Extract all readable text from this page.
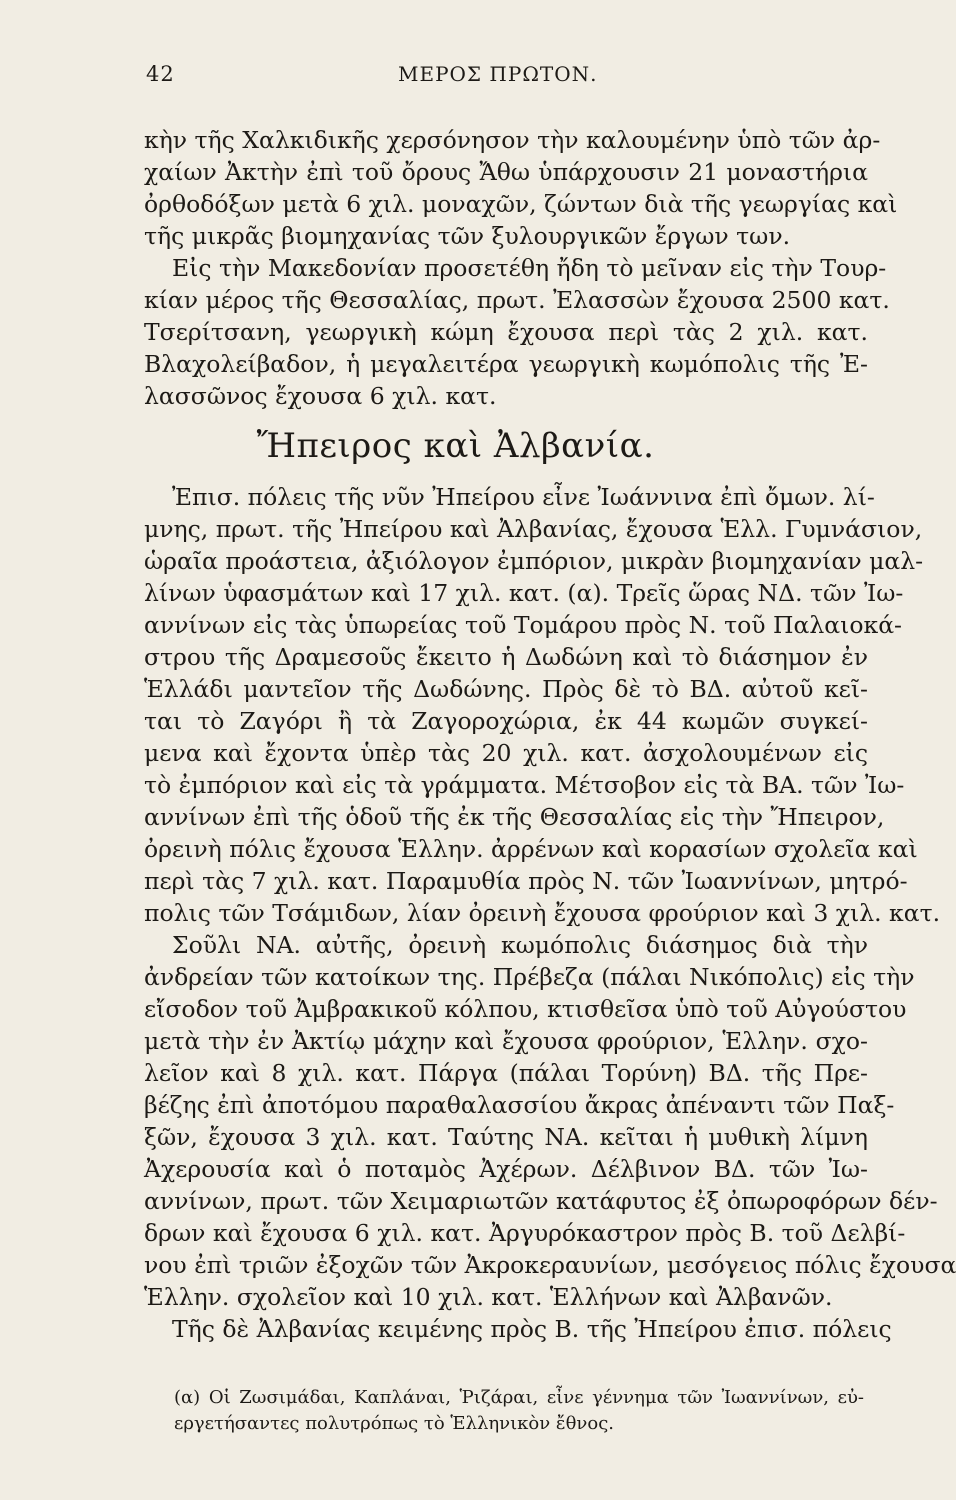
42	ΜΕΡΟΣ ΠΡΩΤΟΝ.
κὴν τῆς Χαλκιδικῆς χερσόνησον τὴν καλουμένην ὑπὸ τῶν ἀρ-
χαίων Ἀκτὴν ἐπὶ τοῦ ὄρους Ἄθω ὑπάρχουσιν 21 μοναστήρια
ὀρθοδόξων μετὰ 6 χιλ. μοναχῶν, ζώντων διὰ τῆς γεωργίας καὶ
τῆς μικρᾶς βιομηχανίας τῶν ξυλουργικῶν ἔργων των.
Εἰς τὴν Μακεδονίαν προσετέθη ἤδη τὸ μεῖναν εἰς τὴν Τουρ-
κίαν μέρος τῆς Θεσσαλίας, πρωτ. Ἐλασσὼν ἔχουσα 2500 κατ.
Τσερίτσανη, γεωργικὴ κώμη ἔχουσα περὶ τὰς 2 χιλ. κατ.
Βλαχολείβαδον, ἡ μεγαλειτέρα γεωργικὴ κωμόπολις τῆς Ἐ-
λασσῶνος ἔχουσα 6 χιλ. κατ.
Ἤπειρος καὶ Ἀλβανία.
Ἐπισ. πόλεις τῆς νῦν Ἠπείρου εἶνε Ἰωάννινα ἐπὶ ὄμων. λί-
μνης, πρωτ. τῆς Ἠπείρου καὶ Ἀλβανίας, ἔχουσα Ἑλλ. Γυμνάσιον,
ὡραῖα προάστεια, ἀξιόλογον ἐμπόριον, μικρὰν βιομηχανίαν μαλ-
λίνων ὑφασμάτων καὶ 17 χιλ. κατ. (α). Τρεῖς ὥρας ΝΔ. τῶν Ἰω-
αννίνων εἰς τὰς ὑπωρείας τοῦ Τομάρου πρὸς Ν. τοῦ Παλαιοκά-
στρου τῆς Δραμεσοῦς ἔκειτο ἡ Δωδώνη καὶ τὸ διάσημον ἐν
Ἑλλάδι μαντεῖον τῆς Δωδώνης. Πρὸς δὲ τὸ ΒΔ. αὐτοῦ κεῖ-
ται τὸ Ζαγόρι ἢ τὰ Ζαγοροχώρια, ἐκ 44 κωμῶν συγκεί-
μενα καὶ ἔχοντα ὑπὲρ τὰς 20 χιλ. κατ. ἀσχολουμένων εἰς
τὸ ἐμπόριον καὶ εἰς τὰ γράμματα. Μέτσοβον εἰς τὰ ΒΑ. τῶν Ἰω-
αννίνων ἐπὶ τῆς ὁδοῦ τῆς ἐκ τῆς Θεσσαλίας εἰς τὴν Ἤπειρον,
ὀρεινὴ πόλις ἔχουσα Ἑλλην. ἀρρένων καὶ κορασίων σχολεῖα καὶ
περὶ τὰς 7 χιλ. κατ. Παραμυθία πρὸς Ν. τῶν Ἰωαννίνων, μητρό-
πολις τῶν Τσάμιδων, λίαν ὀρεινὴ ἔχουσα φρούριον καὶ 3 χιλ. κατ.
Σοῦλι ΝΑ. αὐτῆς, ὀρεινὴ κωμόπολις διάσημος διὰ τὴν
ἀνδρείαν τῶν κατοίκων της. Πρέβεζα (πάλαι Νικόπολις) εἰς τὴν
εἴσοδον τοῦ Ἀμβρακικοῦ κόλπου, κτισθεῖσα ὑπὸ τοῦ Αὐγούστου
μετὰ τὴν ἐν Ἀκτίῳ μάχην καὶ ἔχουσα φρούριον, Ἑλλην. σχο-
λεῖον καὶ 8 χιλ. κατ. Πάργα (πάλαι Τορύνη) ΒΔ. τῆς Πρε-
βέζης ἐπὶ ἀποτόμου παραθαλασσίου ἄκρας ἀπέναντι τῶν Παξ-
ξῶν, ἔχουσα 3 χιλ. κατ. Ταύτης ΝΑ. κεῖται ἡ μυθικὴ λίμνη
Ἀχερουσία καὶ ὁ ποταμὸς Ἀχέρων. Δέλβινον ΒΔ. τῶν Ἰω-
αννίνων, πρωτ. τῶν Χειμαριωτῶν κατάφυτος ἐξ ὀπωροφόρων δέν-
δρων καὶ ἔχουσα 6 χιλ. κατ. Ἀργυρόκαστρον πρὸς Β. τοῦ Δελβί-
νου ἐπὶ τριῶν ἐξοχῶν τῶν Ἀκροκεραυνίων, μεσόγειος πόλις ἔχουσα
Ἑλλην. σχολεῖον καὶ 10 χιλ. κατ. Ἑλλήνων καὶ Ἀλβανῶν.
Τῆς δὲ Ἀλβανίας κειμένης πρὸς Β. τῆς Ἠπείρου ἐπισ. πόλεις
(α) Οἱ Ζωσιμάδαι, Καπλάναι, Ῥιζάραι, εἶνε γέννημα τῶν Ἰωαννίνων, εὐ-
εργετήσαντες πολυτρόπως τὸ Ἑλληνικὸν ἔθνος.
